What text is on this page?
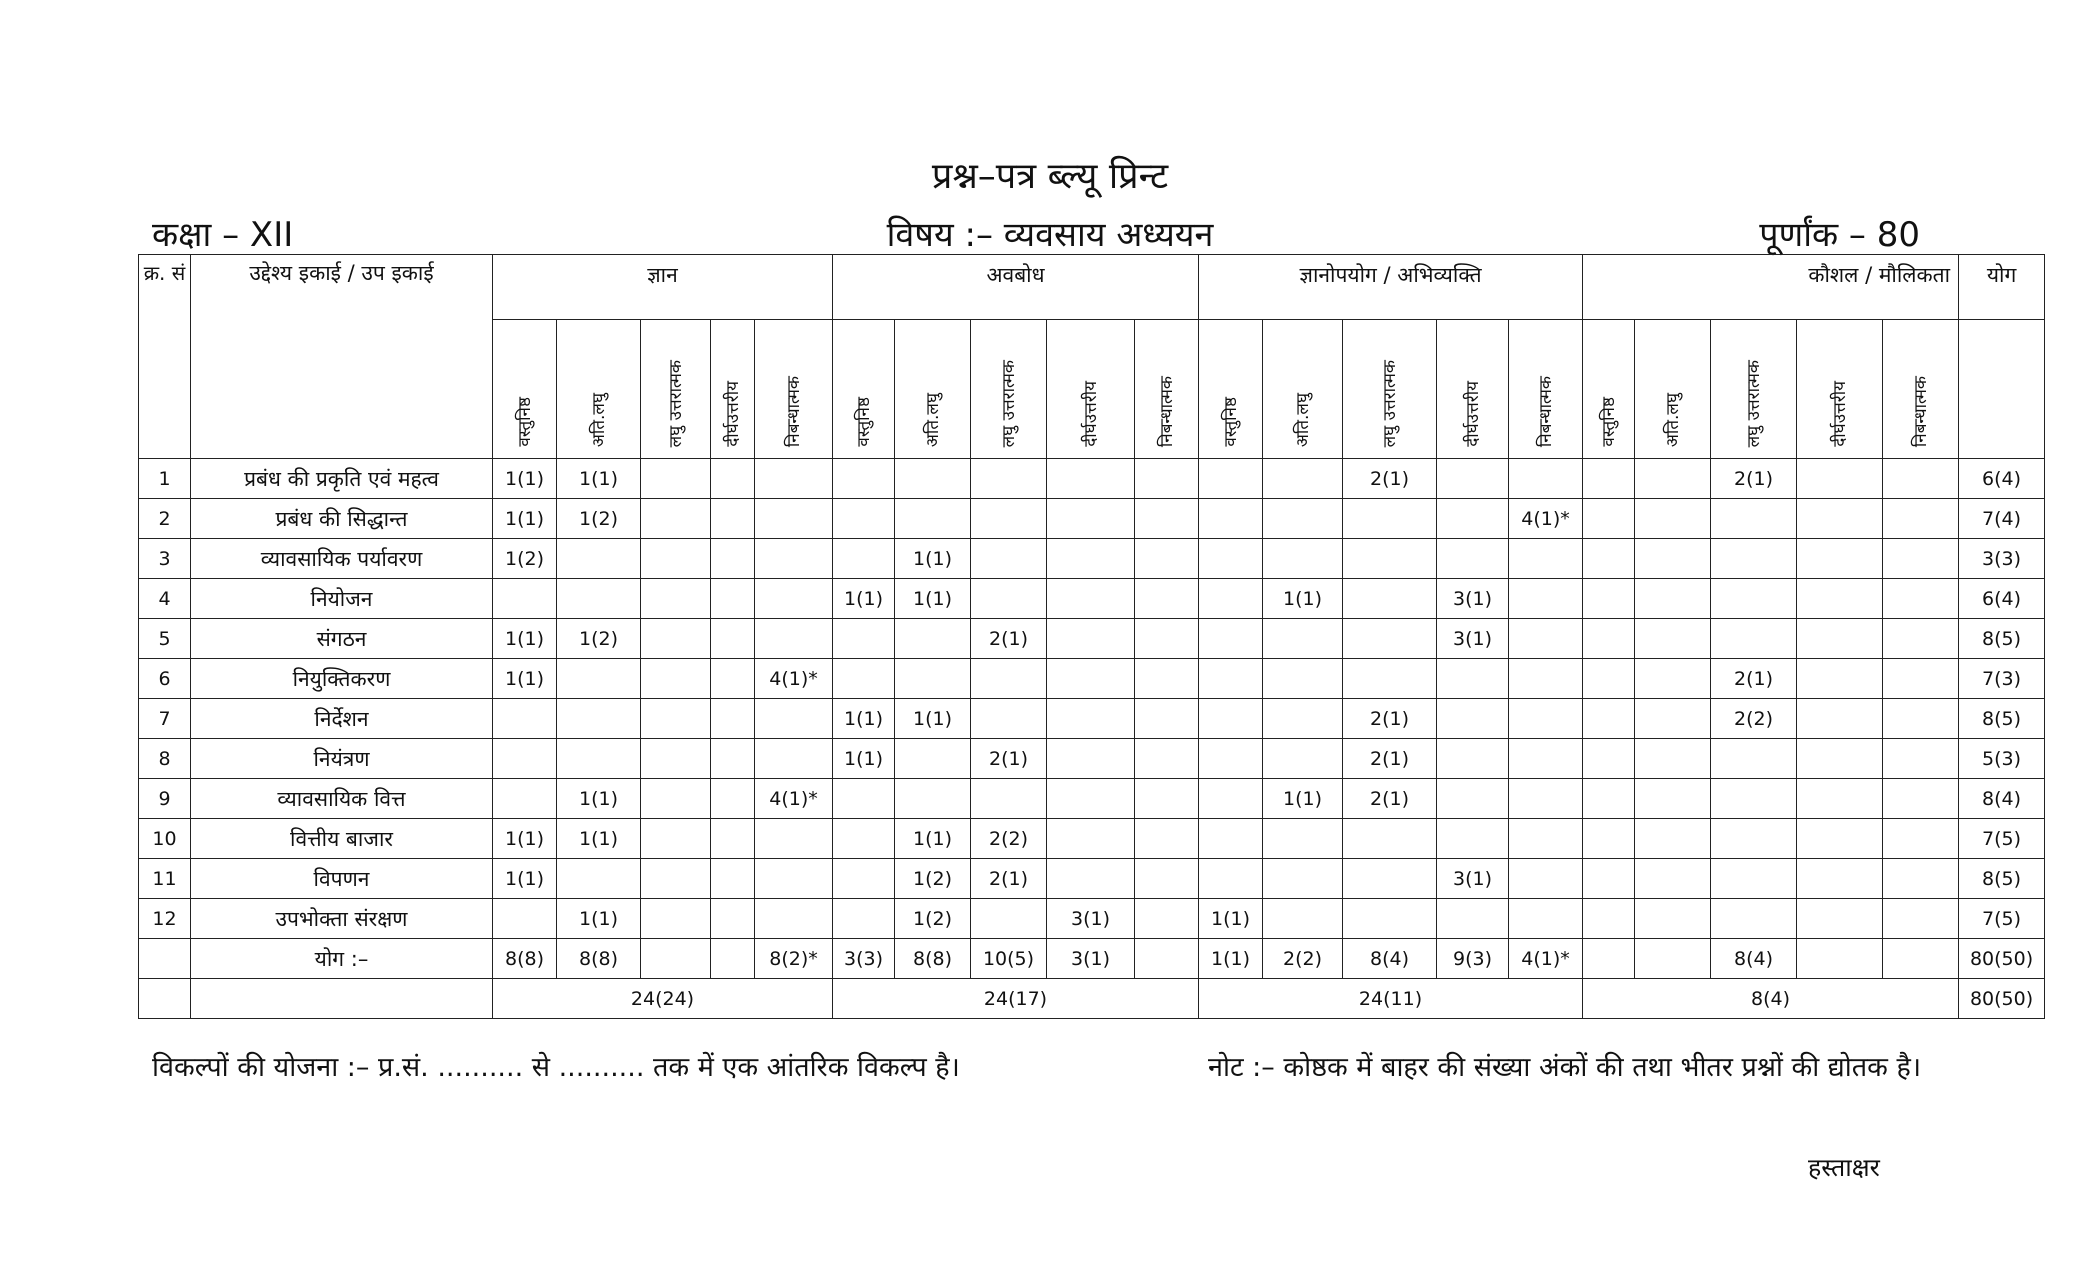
प्रश्न–पत्र ब्ल्यू प्रिन्ट
कक्षा – XII	विषय :– व्यवसाय अध्ययन	पूर्णांक – 80
क्र. सं	उद्देश्य इकाई / उप इकाई	ज्ञान					अवबोध					ज्ञानोपयोग / अभिव्यक्ति					कौशल / मौलिकता					योग
		वस्तुनिष्ठ	अति.लघु	लघु उत्तरात्मक	दीर्घउत्तरीय	निबन्धात्मक	वस्तुनिष्ठ	अति.लघु	लघु उत्तरात्मक	दीर्घउत्तरीय	निबन्धात्मक	वस्तुनिष्ठ	अति.लघु	लघु उत्तरात्मक	दीर्घउत्तरीय	निबन्धात्मक	वस्तुनिष्ठ	अति.लघु	लघु उत्तरात्मक	दीर्घउत्तरीय	निबन्धात्मक	
1	प्रबंध की प्रकृति एवं महत्व	1(1)	1(1)											2(1)					2(1)			6(4)
2	प्रबंध की सिद्धान्त	1(1)	1(2)													4(1)*						7(4)
3	व्यावसायिक पर्यावरण	1(2)						1(1)														3(3)
4	नियोजन						1(1)	1(1)					1(1)		3(1)							6(4)
5	संगठन	1(1)	1(2)						2(1)						3(1)							8(5)
6	नियुक्तिकरण	1(1)				4(1)*													2(1)			7(3)
7	निर्देशन						1(1)	1(1)						2(1)					2(2)			8(5)
8	नियंत्रण						1(1)		2(1)					2(1)								5(3)
9	व्यावसायिक वित्त		1(1)			4(1)*							1(1)	2(1)								8(4)
10	वित्तीय बाजार	1(1)	1(1)					1(1)	2(2)													7(5)
11	विपणन	1(1)						1(2)	2(1)						3(1)							8(5)
12	उपभोक्ता संरक्षण		1(1)					1(2)		3(1)		1(1)										7(5)
	योग :–	8(8)	8(8)			8(2)*	3(3)	8(8)	10(5)	3(1)		1(1)	2(2)	8(4)	9(3)	4(1)*			8(4)			80(50)
		24(24)					24(17)					24(11)					8(4)					80(50)
विकल्पों की योजना :– प्र.सं. .......... से .......... तक में एक आंतरिक विकल्प है।	नोट :– कोष्ठक में बाहर की संख्या अंकों की तथा भीतर प्रश्नों की द्योतक है।
हस्ताक्षर
